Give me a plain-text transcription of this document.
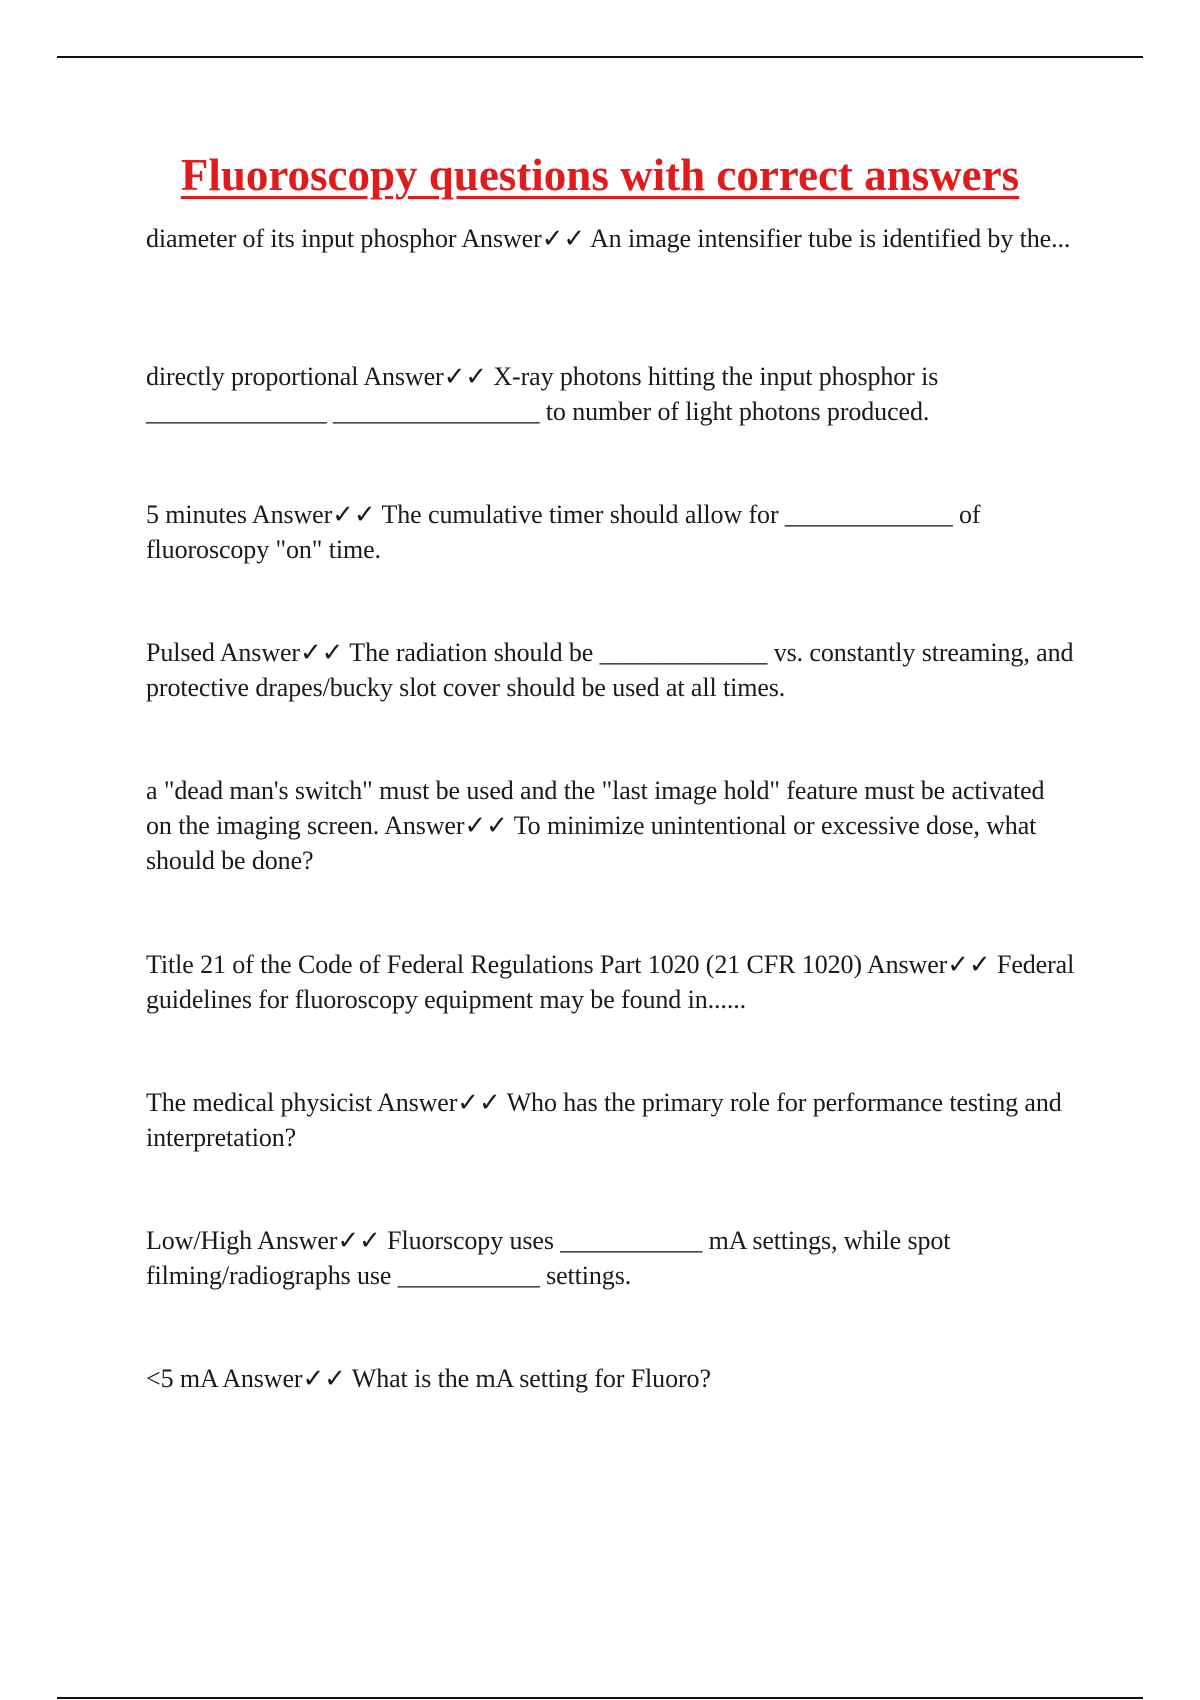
Fluoroscopy questions with correct answers

diameter of its input phosphor Answer✓✓ An image intensifier tube is identified by the...

directly proportional Answer✓✓ X-ray photons hitting the input phosphor is ______________ ________________ to number of light photons produced.

5 minutes Answer✓✓ The cumulative timer should allow for _____________ of fluoroscopy "on" time.

Pulsed Answer✓✓ The radiation should be _____________ vs. constantly streaming, and protective drapes/bucky slot cover should be used at all times.

a "dead man's switch" must be used and the "last image hold" feature must be activated on the imaging screen. Answer✓✓ To minimize unintentional or excessive dose, what should be done?

Title 21 of the Code of Federal Regulations Part 1020 (21 CFR 1020) Answer✓✓ Federal guidelines for fluoroscopy equipment may be found in......

The medical physicist Answer✓✓ Who has the primary role for performance testing and interpretation?

Low/High Answer✓✓ Fluorscopy uses ___________ mA settings, while spot filming/radiographs use ___________ settings.

<5 mA Answer✓✓ What is the mA setting for Fluoro?
